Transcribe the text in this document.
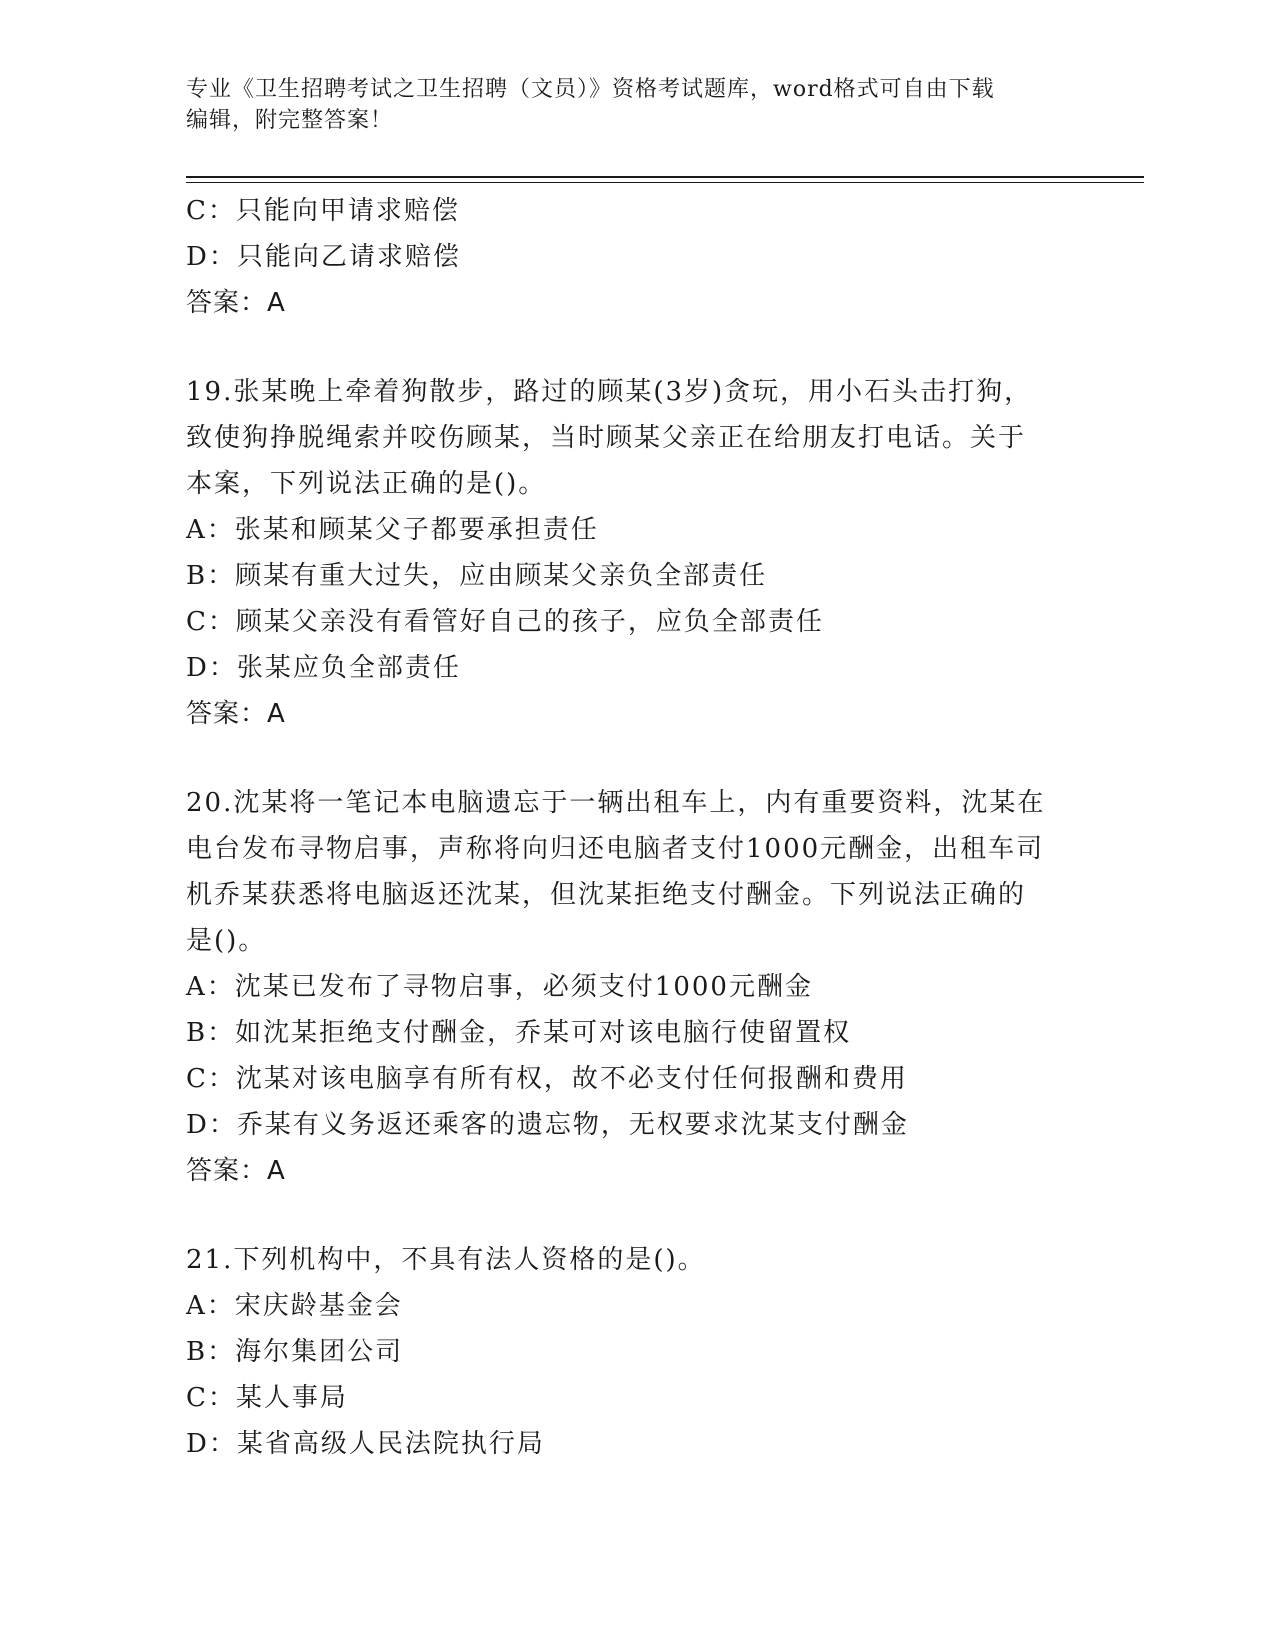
专业《卫生招聘考试之卫生招聘（文员）》资格考试题库，word格式可自由下载
编辑，附完整答案！
C：只能向甲请求赔偿
D：只能向乙请求赔偿
答案：A
19.张某晚上牵着狗散步，路过的顾某(3岁)贪玩，用小石头击打狗，
致使狗挣脱绳索并咬伤顾某，当时顾某父亲正在给朋友打电话。关于
本案，下列说法正确的是()。
A：张某和顾某父子都要承担责任
B：顾某有重大过失，应由顾某父亲负全部责任
C：顾某父亲没有看管好自己的孩子，应负全部责任
D：张某应负全部责任
答案：A
20.沈某将一笔记本电脑遗忘于一辆出租车上，内有重要资料，沈某在
电台发布寻物启事，声称将向归还电脑者支付1000元酬金，出租车司
机乔某获悉将电脑返还沈某，但沈某拒绝支付酬金。下列说法正确的
是()。
A：沈某已发布了寻物启事，必须支付1000元酬金
B：如沈某拒绝支付酬金，乔某可对该电脑行使留置权
C：沈某对该电脑享有所有权，故不必支付任何报酬和费用
D：乔某有义务返还乘客的遗忘物，无权要求沈某支付酬金
答案：A
21.下列机构中，不具有法人资格的是()。
A：宋庆龄基金会
B：海尔集团公司
C：某人事局
D：某省高级人民法院执行局
